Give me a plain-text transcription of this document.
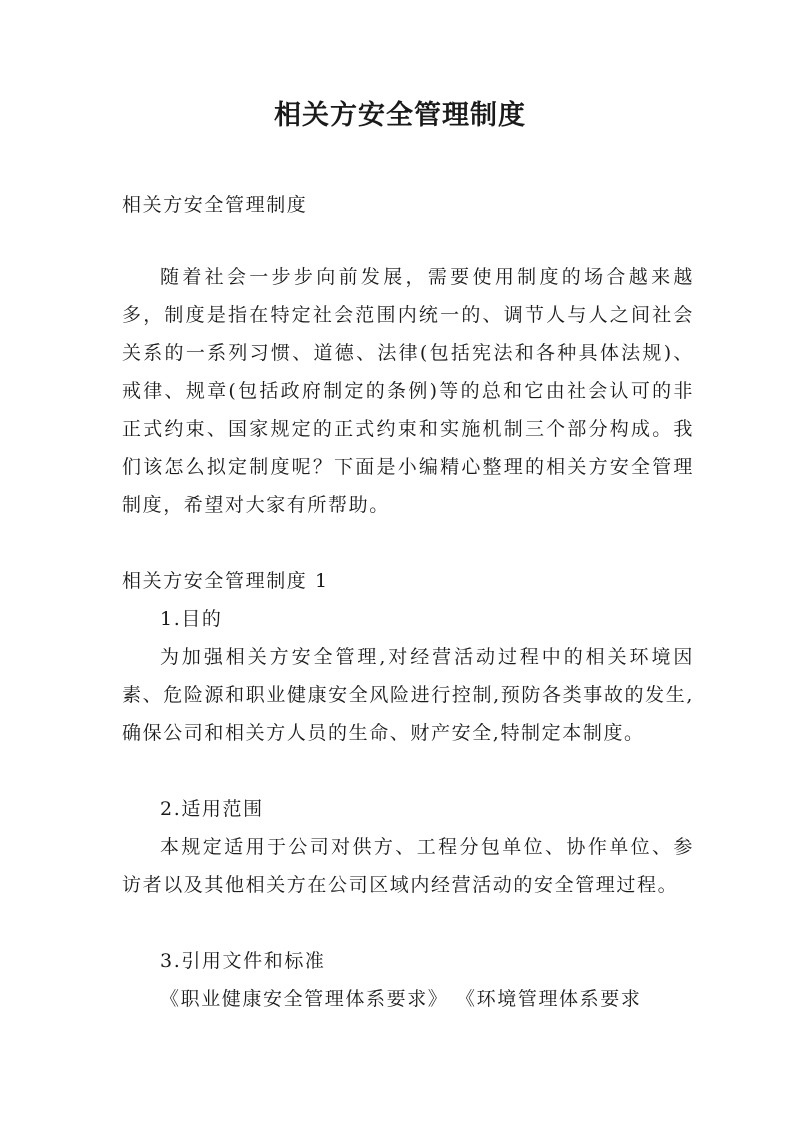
相关方安全管理制度
相关方安全管理制度

随着社会一步步向前发展，需要使用制度的场合越来越多，制度是指在特定社会范围内统一的、调节人与人之间社会关系的一系列习惯、道德、法律(包括宪法和各种具体法规)、戒律、规章(包括政府制定的条例)等的总和它由社会认可的非正式约束、国家规定的正式约束和实施机制三个部分构成。我们该怎么拟定制度呢？下面是小编精心整理的相关方安全管理制度，希望对大家有所帮助。

相关方安全管理制度 1
1.目的

为加强相关方安全管理,对经营活动过程中的相关环境因素、危险源和职业健康安全风险进行控制,预防各类事故的发生,确保公司和相关方人员的生命、财产安全,特制定本制度。

2.适用范围

本规定适用于公司对供方、工程分包单位、协作单位、参访者以及其他相关方在公司区域内经营活动的安全管理过程。

3.引用文件和标准
《职业健康安全管理体系要求》 《环境管理体系要求
